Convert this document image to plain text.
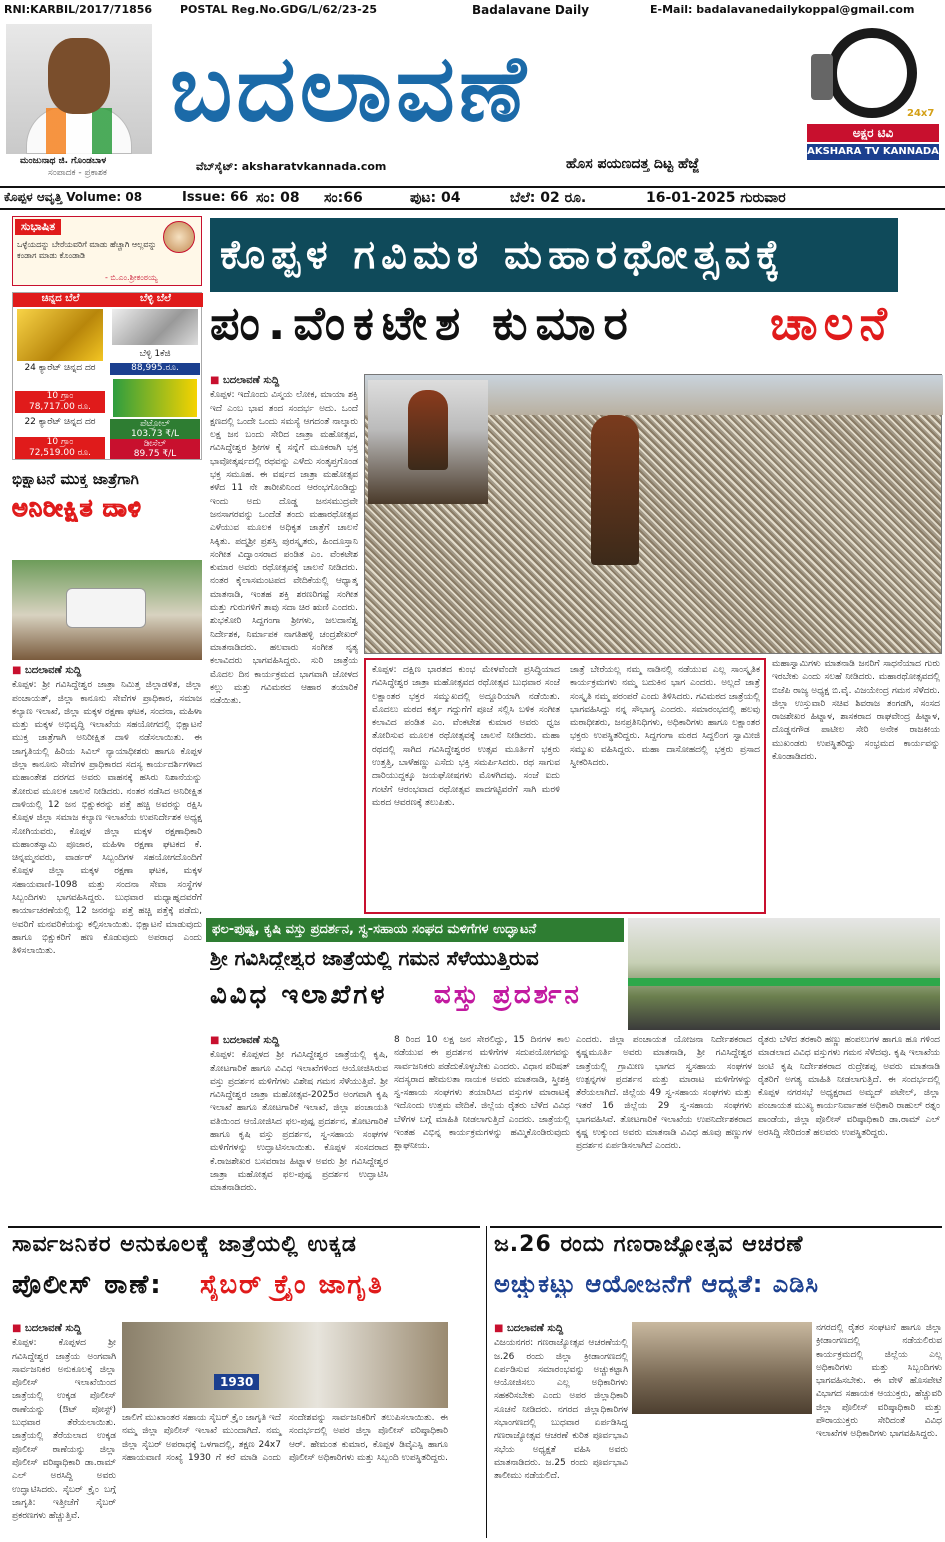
RNI:KARBIL/2017/71856	POSTAL Reg.No.GDG/L/62/23-25	Badalavane Daily	E-Mail: badalavanedailykoppal@gmail.com
ಮಂಜುನಾಥ ಜಿ. ಗೊಂಡಬಾಳ
ಸಂಪಾದಕ - ಪ್ರಕಾಶಕ
ಬದಲಾವಣೆ
ವೆಬ್‌ಸೈಟ್: aksharatvkannada.com	ಹೊಸ ಪಯಣದತ್ತ ದಿಟ್ಟ ಹೆಜ್ಜೆ
24x7
ಅಕ್ಷರ ಟಿವಿ
AKSHARA TV KANNADA
ಕೊಪ್ಪಳ ಆವೃತ್ತಿ Volume: 08	Issue: 66 ಸಂ: 08 ಸಂ:66	ಪುಟ: 04	ಬೆಲೆ: 02 ರೂ.	16-01-2025 ಗುರುವಾರ
ಸುಭಾಷಿತ
ಒಳ್ಳೆಯದನ್ನು ಬೇರೆಯವರಿಗೆ ಮಾಡು ಹೆಚ್ಚಾಗಿ ಆಲ್ಲವನ್ನು ಕಂಡಾಗ ಮಾಡು ಕೊಂಡಾಡಿ
- ಬಿ.ಎಂ.ಶ್ರೀಕಂಠಯ್ಯ
ಚಿನ್ನದ ಬೆಲೆ	ಬೆಳ್ಳಿ ಬೆಲೆ
24 ಕ್ಯಾರೆಟ್ ಚಿನ್ನದ ದರ
10 ಗ್ರಾಂ
78,717.00 ರೂ.
22 ಕ್ಯಾರೆಟ್ ಚಿನ್ನದ ದರ
10 ಗ್ರಾಂ
72,519.00 ರೂ.
ಬೆಳ್ಳಿ 1ಕೆಜಿ
88,995.ರೂ.
ಪೆಟ್ರೋಲ್
103.73 ₹/L
ಡೀಸೆಲ್
89.75 ₹/L
ಭಿಕ್ಷಾಟನೆ ಮುಕ್ತ ಜಾತ್ರೆಗಾಗಿ
ಅನಿರೀಕ್ಷಿತ ದಾಳಿ
■ ಬದಲಾವಣೆ ಸುದ್ದಿ

ಕೊಪ್ಪಳ: ಶ್ರೀ ಗವಿಸಿದ್ದೇಶ್ವರ ಜಾತ್ರಾ ನಿಮಿತ್ತ ಜಿಲ್ಲಾಡಳಿತ, ಜಿಲ್ಲಾ ಪಂಚಾಯತ್, ಜಿಲ್ಲಾ ಕಾನೂನು ಸೇವೆಗಳ ಪ್ರಾಧಿಕಾರ, ಸಮಾಜ ಕಲ್ಯಾಣ ಇಲಾಖೆ, ಜಿಲ್ಲಾ ಮಕ್ಕಳ ರಕ್ಷಣಾ ಘಟಕ, ಸಂದನಾ, ಮಹಿಳಾ ಮತ್ತು ಮಕ್ಕಳ ಅಭಿವೃದ್ಧಿ ಇಲಾಖೆಯ ಸಹಯೋಗದಲ್ಲಿ ಭಿಕ್ಷಾಟನೆ ಮುಕ್ತ ಜಾತ್ರೆಗಾಗಿ ಅನಿರೀಕ್ಷಿತ ದಾಳಿ ನಡೆಸಲಾಯಿತು. ಈ ಜಾಗೃತಿಯಲ್ಲಿ ಹಿರಿಯ ಸಿವಿಲ್ ನ್ಯಾಯಾಧೀಶರು ಹಾಗೂ ಕೊಪ್ಪಳ ಜಿಲ್ಲಾ ಕಾನೂನು ಸೇವೆಗಳ ಪ್ರಾಧಿಕಾರದ ಸದಸ್ಯ ಕಾರ್ಯದರ್ಶಿಗಳಾದ ಮಹಾಂತೇಶ ದರಗದ ಅವರು ವಾಹನಕ್ಕೆ ಹಸಿರು ನಿಶಾನೆಯನ್ನು ತೋರುವ ಮೂಲಕ ಚಾಲನೆ ನೀಡಿದರು. ನಂತರ ನಡೆಸಿದ ಅನಿರೀಕ್ಷಿತ ದಾಳಿಯಲ್ಲಿ 12 ಜನ ಭಿಕ್ಷುಕರನ್ನು ಪತ್ತೆ ಹಚ್ಚಿ ಅವರನ್ನು ರಕ್ಷಿಸಿ ಕೊಪ್ಪಳ ಜಿಲ್ಲಾ ಸಮಾಜ ಕಲ್ಯಾಣ ಇಲಾಖೆಯ ಉಪನಿರ್ದೇಶಕ ಅಧ್ಯಕ್ಷ ಸೋಗಿಯವರು, ಕೊಪ್ಪಳ ಜಿಲ್ಲಾ ಮಕ್ಕಳ ರಕ್ಷಣಾಧಿಕಾರಿ ಮಹಾಂತಸ್ವಾಮಿ ಪೂಜಾರ, ಮಹಿಳಾ ರಕ್ಷಣಾ ಘಟಕದ ಕೆ. ಚಿನ್ನಮ್ಮನವರು, ವಾರ್ಡರ್ ಸಿಬ್ಬಂದಿಗಳ ಸಹಯೋಗದೊಂದಿಗೆ ಕೊಪ್ಪಳ ಜಿಲ್ಲಾ ಮಕ್ಕಳ ರಕ್ಷಣಾ ಘಟಕ, ಮಕ್ಕಳ ಸಹಾಯವಾಣಿ-1098 ಮತ್ತು ಸಂದನಾ ಸೇವಾ ಸಂಸ್ಥೆಗಳ ಸಿಬ್ಬಂದಿಗಳು ಭಾಗವಹಿಸಿದ್ದರು. ಬುಧವಾರ ಮಧ್ಯಾಹ್ನದವರೆಗೆ ಕಾರ್ಯಾಚರಣೆಯಲ್ಲಿ 12 ಜನರನ್ನು ಪತ್ತೆ ಹಚ್ಚಿ ಪತ್ತೆಕ್ಕೆ ಪಡೆದು, ಅವರಿಗೆ ಮನವರಿಕೆಯನ್ನು ಕಲ್ಪಿಸಲಾಯಿತು. ಭಿಕ್ಷಾಟನೆ ಮಾಡುವುದು ಹಾಗೂ ಭಿಕ್ಷುಕರಿಗೆ ಹಣ ಕೊಡುವುದು ಅಪರಾಧ ಎಂದು ತಿಳಿಸಲಾಯಿತು.

ಕೊಪ್ಪಳ ಗವಿಮಠ ಮಹಾರಥೋತ್ಸವಕ್ಕೆ
ಪಂ.ವೆಂಕಟೇಶ ಕುಮಾರ	ಚಾಲನೆ
■ ಬದಲಾವಣೆ ಸುದ್ದಿ

ಕೊಪ್ಪಳ: ಇದೊಂದು ವಿಸ್ಮಯ ಲೋಕ, ಮಾಯಾ ಶಕ್ತಿ ಇದೆ ಎಂಬ ಭಾವ ತಂದ ಸಂದರ್ಭ ಅದು. ಒಂದೆ ಕ್ಷಣದಲ್ಲಿ ಒಂದೇ ಒಂದು ಸಮಸ್ಯೆ ಆಗದಂತೆ ನಾಲ್ಕಾರು ಲಕ್ಷ ಜನ ಬಂದು ಸೇರಿದ ಜಾತ್ರಾ ಮಹೋತ್ಸವ, ಗವಿಸಿದ್ಧೇಶ್ವರ ಶ್ರೀಗಳ ಕೈ ಸನ್ನೆಗೆ ಮೂಕರಾಗಿ ಭಕ್ತ ಭಾವೋತ್ಕರ್ಷದಲ್ಲಿ ರಥವನ್ನು ಎಳೆದು ಸಂತೃಪ್ತಗೊಂಡ ಭಕ್ತ ಸಮೂಹ. ಈ ವರ್ಷದ ಜಾತ್ರಾ ಮಹೋತ್ಸವ ಕಳೆದ 11 ನೇ ತಾರೀಖಿನಿಂದ ಆರಂಭಗೊಂಡಿದ್ದು ಇಂದು ಅದು ದೊಡ್ಡ ಜನಸಮುದ್ರವೇ ಜನಸಾಗರವನ್ನು ಒಂದೆಡೆ ತಂದು ಮಹಾರಥೋತ್ಸವ ಎಳೆಯುವ ಮೂಲಕ ಅಧಿಕೃತ ಜಾತ್ರೆಗೆ ಚಾಲನೆ ಸಿಕ್ಕಿತು. ಪದ್ಮಶ್ರೀ ಪ್ರಶಸ್ತಿ ಪುರಸ್ಕೃತರು, ಹಿಂದೂಸ್ತಾನಿ ಸಂಗೀತ ವಿದ್ವಾಂಸರಾದ ಪಂಡಿತ ಎಂ. ವೆಂಕಟೇಶ ಕುಮಾರ ಅವರು ರಥೋತ್ಸವಕ್ಕೆ ಚಾಲನೆ ನೀಡಿದರು. ನಂತರ ಕೈಲಾಸಮಂಟಪದ ವೇದಿಕೆಯಲ್ಲಿ ಆಧ್ಯಾತ್ಮ ಮಾತನಾಡಿ, ಇಂತಹ ಶಕ್ತಿ ಶರಣರಿಗಷ್ಟೆ ಸಂಗೀತ ಮತ್ತು ಗುರುಗಳಿಗೆ ತಾವು ಸದಾ ಚಿರ ಋಣಿ ಎಂದರು. ಶುಭಕೋರಿ ಸಿದ್ದಗಂಗಾ ಶ್ರೀಗಳು, ಜಲದಾನೆಶ್ವ ನಿರ್ದೇಶಕ, ನಿರ್ಮಾಪಕ ನಾಗತಿಹಳ್ಳಿ ಚಂದ್ರಶೇಖರ್ ಮಾತನಾಡಿದರು. ಹಲವಾರು ಸಂಗೀತ ನೃತ್ಯ ಕಲಾವಿದರು ಭಾಗವಹಿಸಿದ್ದರು. ಸುರಿ ಜಾತ್ರೆಯ ಮೊದಲ ದಿನ ಕಾರ್ಯಕ್ರಮದ ಭಾಗವಾಗಿ ಜೋಳದ ಕಲ್ಲು ಮತ್ತು ಗವಿಮಠದ ಆಹಾರ ತಯಾರಿಕೆ ನಡೆಯಿತು.

ಕೊಪ್ಪಳ: ದಕ್ಷಿಣ ಭಾರತದ ಕುಂಭ ಮೇಳವೆಂದೇ ಪ್ರಸಿದ್ಧಿಯಾದ ಗವಿಸಿದ್ಧೇಶ್ವರ ಜಾತ್ರಾ ಮಹೋತ್ಸವದ ರಥೋತ್ಸವ ಬುಧವಾರ ಸಂಜೆ ಲಕ್ಷಾಂತರ ಭಕ್ತರ ಸಮ್ಮುಖದಲ್ಲಿ ಅದ್ದೂರಿಯಾಗಿ ನಡೆಯಿತು. ಮೊದಲು ಮಠದ ಕರ್ತೃ ಗದ್ದುಗೆಗೆ ಪೂಜೆ ಸಲ್ಲಿಸಿ ಬಳಿಕ ಸಂಗೀತ ಕಲಾವಿದ ಪಂಡಿತ ಎಂ. ವೆಂಕಟೇಶ ಕುಮಾರ ಅವರು ಧ್ವಜ ತೋರಿಸುವ ಮೂಲಕ ರಥೋತ್ಸವಕ್ಕೆ ಚಾಲನೆ ನೀಡಿದರು. ಮಹಾ ರಥದಲ್ಲಿ ಸಾಗಿದ ಗವಿಸಿದ್ಧೇಶ್ವರರ ಉತ್ಸವ ಮೂರ್ತಿಗೆ ಭಕ್ತರು ಉತ್ತತ್ತಿ, ಬಾಳೆಹಣ್ಣು ಎಸೆದು ಭಕ್ತಿ ಸಮರ್ಪಿಸಿದರು. ರಥ ಸಾಗುವ ದಾರಿಯುದ್ದಕ್ಕೂ ಜಯಘೋಷಗಳು ಮೊಳಗಿದವು. ಸಂಜೆ ಐದು ಗಂಟೆಗೆ ಆರಂಭವಾದ ರಥೋತ್ಸವ ಪಾದಗಟ್ಟಿವರೆಗೆ ಸಾಗಿ ಮರಳಿ ಮಠದ ಆವರಣಕ್ಕೆ ತಲುಪಿತು.
ಜಾತ್ರೆ ಬೇರೆಯಲ್ಲ ನಮ್ಮ ನಾಡಿನಲ್ಲಿ ನಡೆಯುವ ಎಲ್ಲ ಸಾಂಸ್ಕೃತಿಕ ಕಾರ್ಯಕ್ರಮಗಳು ನಮ್ಮ ಬದುಕಿನ ಭಾಗ ಎಂದರು. ಅಲ್ಲದೆ ಜಾತ್ರೆ ಸಂಸ್ಕೃತಿ ನಮ್ಮ ಪರಂಪರೆ ಎಂದು ತಿಳಿಸಿದರು. ಗವಿಮಠದ ಜಾತ್ರೆಯಲ್ಲಿ ಭಾಗವಹಿಸಿದ್ದು ನನ್ನ ಸೌಭಾಗ್ಯ ಎಂದರು. ಸಮಾರಂಭದಲ್ಲಿ ಹಲವು ಮಠಾಧೀಶರು, ಜನಪ್ರತಿನಿಧಿಗಳು, ಅಧಿಕಾರಿಗಳು ಹಾಗೂ ಲಕ್ಷಾಂತರ ಭಕ್ತರು ಉಪಸ್ಥಿತರಿದ್ದರು. ಸಿದ್ದಗಂಗಾ ಮಠದ ಸಿದ್ದಲಿಂಗ ಸ್ವಾಮೀಜಿ ಸಮ್ಮುಖ ವಹಿಸಿದ್ದರು. ಮಹಾ ದಾಸೋಹದಲ್ಲಿ ಭಕ್ತರು ಪ್ರಸಾದ ಸ್ವೀಕರಿಸಿದರು.
ಮಹಾಸ್ವಾಮಿಗಳು ಮಾತನಾಡಿ ಜನರಿಗೆ ಸಾಧನೆಯಾದ ಗುರು ಇರಬೇಕು ಎಂದು ಸಲಹೆ ನೀಡಿದರು. ಮಹಾರಥೋತ್ಸವದಲ್ಲಿ ಬಿಜೆಪಿ ರಾಜ್ಯ ಅಧ್ಯಕ್ಷ ಬಿ.ವೈ. ವಿಜಯೇಂದ್ರ ಗಮನ ಸೆಳೆದರು. ಜಿಲ್ಲಾ ಉಸ್ತುವಾರಿ ಸಚಿವ ಶಿವರಾಜ ತಂಗಡಗಿ, ಸಂಸದ ರಾಜಶೇಖರ ಹಿಟ್ನಾಳ, ಶಾಸಕರಾದ ರಾಘವೇಂದ್ರ ಹಿಟ್ನಾಳ, ದೊಡ್ಡನಗೌಡ ಪಾಟೀಲ ಸೇರಿ ಅನೇಕ ರಾಜಕೀಯ ಮುಖಂಡರು ಉಪಸ್ಥಿತರಿದ್ದು ಸಂಭ್ರಮದ ಕಾರ್ಯವನ್ನು ಕೊಂಡಾಡಿದರು.
ಫಲ-ಪುಷ್ಪ, ಕೃಷಿ ವಸ್ತು ಪ್ರದರ್ಶನ, ಸ್ವ-ಸಹಾಯ ಸಂಘದ ಮಳಿಗೆಗಳ ಉದ್ಘಾಟನೆ
ಶ್ರೀ ಗವಿಸಿದ್ದೇಶ್ವರ ಜಾತ್ರೆಯಲ್ಲಿ ಗಮನ ಸೆಳೆಯುತ್ತಿರುವ
ವಿವಿಧ ಇಲಾಖೆಗಳ	ವಸ್ತು ಪ್ರದರ್ಶನ
■ ಬದಲಾವಣೆ ಸುದ್ದಿ

ಕೊಪ್ಪಳ: ಕೊಪ್ಪಳದ ಶ್ರೀ ಗವಿಸಿದ್ದೇಶ್ವರ ಜಾತ್ರೆಯಲ್ಲಿ ಕೃಷಿ, ತೋಟಗಾರಿಕೆ ಹಾಗೂ ವಿವಿಧ ಇಲಾಖೆಗಳಿಂದ ಆಯೋಜಿಸಿರುವ ವಸ್ತು ಪ್ರದರ್ಶನ ಮಳಿಗೆಗಳು ವಿಶೇಷ ಗಮನ ಸೆಳೆಯುತ್ತಿವೆ. ಶ್ರೀ ಗವಿಸಿದ್ದೇಶ್ವರ ಜಾತ್ರಾ ಮಹೋತ್ಸವ-2025ರ ಅಂಗವಾಗಿ ಕೃಷಿ ಇಲಾಖೆ ಹಾಗೂ ತೋಟಗಾರಿಕೆ ಇಲಾಖೆ, ಜಿಲ್ಲಾ ಪಂಚಾಯತಿ ವತಿಯಿಂದ ಆಯೋಜಿಸಿದ ಫಲ-ಪುಷ್ಪ ಪ್ರದರ್ಶನ, ತೋಟಗಾರಿಕೆ ಹಾಗೂ ಕೃಷಿ ವಸ್ತು ಪ್ರದರ್ಶನ, ಸ್ವ-ಸಹಾಯ ಸಂಘಗಳ ಮಳಿಗೆಗಳನ್ನು ಉದ್ಘಾಟಿಸಲಾಯಿತು. ಕೊಪ್ಪಳ ಸಂಸದರಾದ ಕೆ.ರಾಜಶೇಖರ ಬಸವರಾಜ ಹಿಟ್ನಾಳ ಅವರು ಶ್ರೀ ಗವಿಸಿದ್ದೇಶ್ವರ ಜಾತ್ರಾ ಮಹೋತ್ಸವ ಫಲ-ಪುಷ್ಪ ಪ್ರದರ್ಶನ ಉದ್ಘಾಟಿಸಿ ಮಾತನಾಡಿದರು.

8 ರಿಂದ 10 ಲಕ್ಷ ಜನ ಸೇರಲಿದ್ದು, 15 ದಿನಗಳ ಕಾಲ ನಡೆಯುವ ಈ ಪ್ರದರ್ಶನ ಮಳಿಗೆಗಳ ಸದುಪಯೋಗವನ್ನು ಸಾರ್ವಜನಿಕರು ಪಡೆದುಕೊಳ್ಳಬೇಕು ಎಂದರು. ವಿಧಾನ ಪರಿಷತ್ ಸದಸ್ಯರಾದ ಹೇಮಲತಾ ನಾಯಕ ಅವರು ಮಾತನಾಡಿ, ಸ್ತ್ರೀಶಕ್ತಿ ಸ್ವ-ಸಹಾಯ ಸಂಘಗಳು ತಯಾರಿಸಿದ ವಸ್ತುಗಳ ಮಾರಾಟಕ್ಕೆ ಇದೊಂದು ಉತ್ತಮ ವೇದಿಕೆ. ಜಿಲ್ಲೆಯ ರೈತರು ಬೆಳೆದ ವಿವಿಧ ಬೆಳೆಗಳ ಬಗ್ಗೆ ಮಾಹಿತಿ ನೀಡಲಾಗುತ್ತಿದೆ ಎಂದರು. ಜಾತ್ರೆಯಲ್ಲಿ ಇಂತಹ ವಿಭಿನ್ನ ಕಾರ್ಯಕ್ರಮಗಳನ್ನು ಹಮ್ಮಿಕೊಂಡಿರುವುದು ಶ್ಲಾಘನೀಯ.
ಎಂದರು. ಜಿಲ್ಲಾ ಪಂಚಾಯತ ಯೋಜನಾ ನಿರ್ದೇಶಕರಾದ ಕೃಷ್ಣಮೂರ್ತಿ ಅವರು ಮಾತನಾಡಿ, ಶ್ರೀ ಗವಿಸಿದ್ದೇಶ್ವರ ಜಾತ್ರೆಯಲ್ಲಿ ಗ್ರಾಮೀಣ ಭಾಗದ ಸ್ವಸಹಾಯ ಸಂಘಗಳ ಉತ್ಪನ್ನಗಳ ಪ್ರದರ್ಶನ ಮತ್ತು ಮಾರಾಟ ಮಳಿಗೆಗಳನ್ನು ತೆರೆಯಲಾಗಿದೆ. ಜಿಲ್ಲೆಯ 49 ಸ್ವ-ಸಹಾಯ ಸಂಘಗಳು ಮತ್ತು ಇತರೆ 16 ಜಿಲ್ಲೆಯ 29 ಸ್ವ-ಸಹಾಯ ಸಂಘಗಳು ಭಾಗವಹಿಸಿವೆ. ತೋಟಗಾರಿಕೆ ಇಲಾಖೆಯ ಉಪನಿರ್ದೇಶಕರಾದ ಕೃಷ್ಣ ಉಕ್ಕುಂದ ಅವರು ಮಾತನಾಡಿ ವಿವಿಧ ಹೂವು ಹಣ್ಣುಗಳ ಪ್ರದರ್ಶನ ಏರ್ಪಡಿಸಲಾಗಿದೆ ಎಂದರು.
ರೈತರು ಬೆಳೆದ ತರಕಾರಿ ಹಣ್ಣು ಹಂಪಲುಗಳ ಹಾಗೂ ಹೂ ಗಳಿಂದ ಮಾಡಲಾದ ವಿವಿಧ ವಸ್ತುಗಳು ಗಮನ ಸೆಳೆದವು. ಕೃಷಿ ಇಲಾಖೆಯ ಜಂಟಿ ಕೃಷಿ ನಿರ್ದೇಶಕರಾದ ರುದ್ರೇಶಪ್ಪ ಅವರು ಮಾತನಾಡಿ ರೈತರಿಗೆ ಅಗತ್ಯ ಮಾಹಿತಿ ನೀಡಲಾಗುತ್ತಿದೆ. ಈ ಸಂದರ್ಭದಲ್ಲಿ ಕೊಪ್ಪಳ ನಗರಸಭೆ ಅಧ್ಯಕ್ಷರಾದ ಅಮ್ಜದ್ ಪಟೇಲ್, ಜಿಲ್ಲಾ ಪಂಚಾಯತ ಮುಖ್ಯ ಕಾರ್ಯನಿರ್ವಾಹಕ ಅಧಿಕಾರಿ ರಾಹುಲ್ ರತ್ನಂ ಪಾಂಡೆಯ, ಜಿಲ್ಲಾ ಪೊಲೀಸ್ ವರಿಷ್ಠಾಧಿಕಾರಿ ಡಾ.ರಾಮ್ ಎಲ್ ಅರಸಿದ್ದಿ ಸೇರಿದಂತೆ ಹಲವರು ಉಪಸ್ಥಿತರಿದ್ದರು.
ಸಾರ್ವಜನಿಕರ ಅನುಕೂಲಕ್ಕೆ ಜಾತ್ರೆಯಲ್ಲಿ ಉಕ್ಕಡ
ಪೊಲೀಸ್ ಠಾಣೆ:	ಸೈಬರ್ ಕ್ರೈಂ ಜಾಗೃತಿ
■ ಬದಲಾವಣೆ ಸುದ್ದಿ

ಕೊಪ್ಪಳ: ಕೊಪ್ಪಳದ ಶ್ರೀ ಗವಿಸಿದ್ದೇಶ್ವರ ಜಾತ್ರೆಯ ಅಂಗವಾಗಿ ಸಾರ್ವಜನಿಕರ ಅನುಕೂಲಕ್ಕೆ ಜಿಲ್ಲಾ ಪೊಲೀಸ್ ಇಲಾಖೆಯಿಂದ ಜಾತ್ರೆಯಲ್ಲಿ ಉಕ್ಕಡ ಪೊಲೀಸ್ ಠಾಣೆಯನ್ನು (ಔಟ್ ಪೋಸ್ಟ್) ಬುಧವಾರ ತೆರೆಯಲಾಯಿತು. ಜಾತ್ರೆಯಲ್ಲಿ ತೆರೆಯಲಾದ ಉಕ್ಕಡ ಪೊಲೀಸ್ ಠಾಣೆಯನ್ನು ಜಿಲ್ಲಾ ಪೊಲೀಸ್ ವರಿಷ್ಠಾಧಿಕಾರಿ ಡಾ.ರಾಮ್ ಎಲ್ ಅರಸಿದ್ದಿ ಅವರು ಉದ್ಘಾಟಿಸಿದರು. ಸೈಬರ್ ಕ್ರೈಂ ಬಗ್ಗೆ ಜಾಗೃತಿ: ಇತ್ತೀಚೆಗೆ ಸೈಬರ್ ಪ್ರಕರಣಗಳು ಹೆಚ್ಚುತ್ತಿವೆ.

1930
ಜಾಲಿಗೆ ಮುಖಾಂತರ ಸಹಾಯ ಸೈಬರ್ ಕ್ರೈಂ ಜಾಗೃತಿ ಇದೆ ನಮ್ಮ ಜಿಲ್ಲಾ ಪೊಲೀಸ್ ಇಲಾಖೆ ಮುಂದಾಗಿದೆ. ನಮ್ಮ ಜಿಲ್ಲಾ ಸೈಬರ್ ಅಪರಾಧಕ್ಕೆ ಒಳಗಾದಲ್ಲಿ, ತಕ್ಷಣ 24x7 ಸಹಾಯವಾಣಿ ಸಂಖ್ಯೆ 1930 ಗೆ ಕರೆ ಮಾಡಿ ಎಂದು ಸಂದೇಶವನ್ನು ಸಾರ್ವಜನಿಕರಿಗೆ ತಲುಪಿಸಲಾಯಿತು. ಈ ಸಂದರ್ಭದಲ್ಲಿ ಅಪರ ಜಿಲ್ಲಾ ಪೊಲೀಸ್ ವರಿಷ್ಠಾಧಿಕಾರಿ ಆರ್. ಹೇಮಂತ ಕುಮಾರ, ಕೊಪ್ಪಳ ಡಿವೈಎಸ್ಪಿ ಹಾಗೂ ಪೊಲೀಸ್ ಅಧಿಕಾರಿಗಳು ಮತ್ತು ಸಿಬ್ಬಂದಿ ಉಪಸ್ಥಿತರಿದ್ದರು.
ಜ.26 ರಂದು ಗಣರಾಜ್ಯೋತ್ಸವ ಆಚರಣೆ
ಅಚ್ಚುಕಟ್ಟು ಆಯೋಜನೆಗೆ ಆದ್ಯತೆ: ಎಡಿಸಿ
■ ಬದಲಾವಣೆ ಸುದ್ದಿ

ವಿಜಯನಗರ: ಗಣರಾಜ್ಯೋತ್ಸವ ಆಚರಣೆಯಲ್ಲಿ ಜ.26 ರಂದು ಜಿಲ್ಲಾ ಕ್ರೀಡಾಂಗಣದಲ್ಲಿ ಏರ್ಪಡಿಸುವ ಸಮಾರಂಭವನ್ನು ಅಚ್ಚುಕಟ್ಟಾಗಿ ಆಯೋಜಿಸಲು ಎಲ್ಲ ಅಧಿಕಾರಿಗಳು ಸಹಕರಿಸಬೇಕು ಎಂದು ಅಪರ ಜಿಲ್ಲಾಧಿಕಾರಿ ಸೂಚನೆ ನೀಡಿದರು. ನಗರದ ಜಿಲ್ಲಾಧಿಕಾರಿಗಳ ಸಭಾಂಗಣದಲ್ಲಿ ಬುಧವಾರ ಏರ್ಪಡಿಸಿದ್ದ ಗಣರಾಜ್ಯೋತ್ಸವ ಆಚರಣೆ ಕುರಿತ ಪೂರ್ವಭಾವಿ ಸಭೆಯ ಅಧ್ಯಕ್ಷತೆ ವಹಿಸಿ ಅವರು ಮಾತನಾಡಿದರು. ಜ.25 ರಂದು ಪೂರ್ವಭಾವಿ ತಾಲೀಮು ನಡೆಯಲಿದೆ.

ನಗರದಲ್ಲಿ ರೈತರ ಸಂಘಟನೆ ಹಾಗೂ ಜಿಲ್ಲಾ ಕ್ರೀಡಾಂಗಣದಲ್ಲಿ ನಡೆಯಲಿರುವ ಕಾರ್ಯಕ್ರಮದಲ್ಲಿ ಜಿಲ್ಲೆಯ ಎಲ್ಲ ಅಧಿಕಾರಿಗಳು ಮತ್ತು ಸಿಬ್ಬಂದಿಗಳು ಭಾಗವಹಿಸಬೇಕು. ಈ ವೇಳೆ ಹೊಸಪೇಟೆ ವಿಭಾಗದ ಸಹಾಯಕ ಆಯುಕ್ತರು, ಹೆಚ್ಚುವರಿ ಜಿಲ್ಲಾ ಪೊಲೀಸ್ ವರಿಷ್ಠಾಧಿಕಾರಿ ಮತ್ತು ಪೌರಾಯುಕ್ತರು ಸೇರಿದಂತೆ ವಿವಿಧ ಇಲಾಖೆಗಳ ಅಧಿಕಾರಿಗಳು ಭಾಗವಹಿಸಿದ್ದರು.
